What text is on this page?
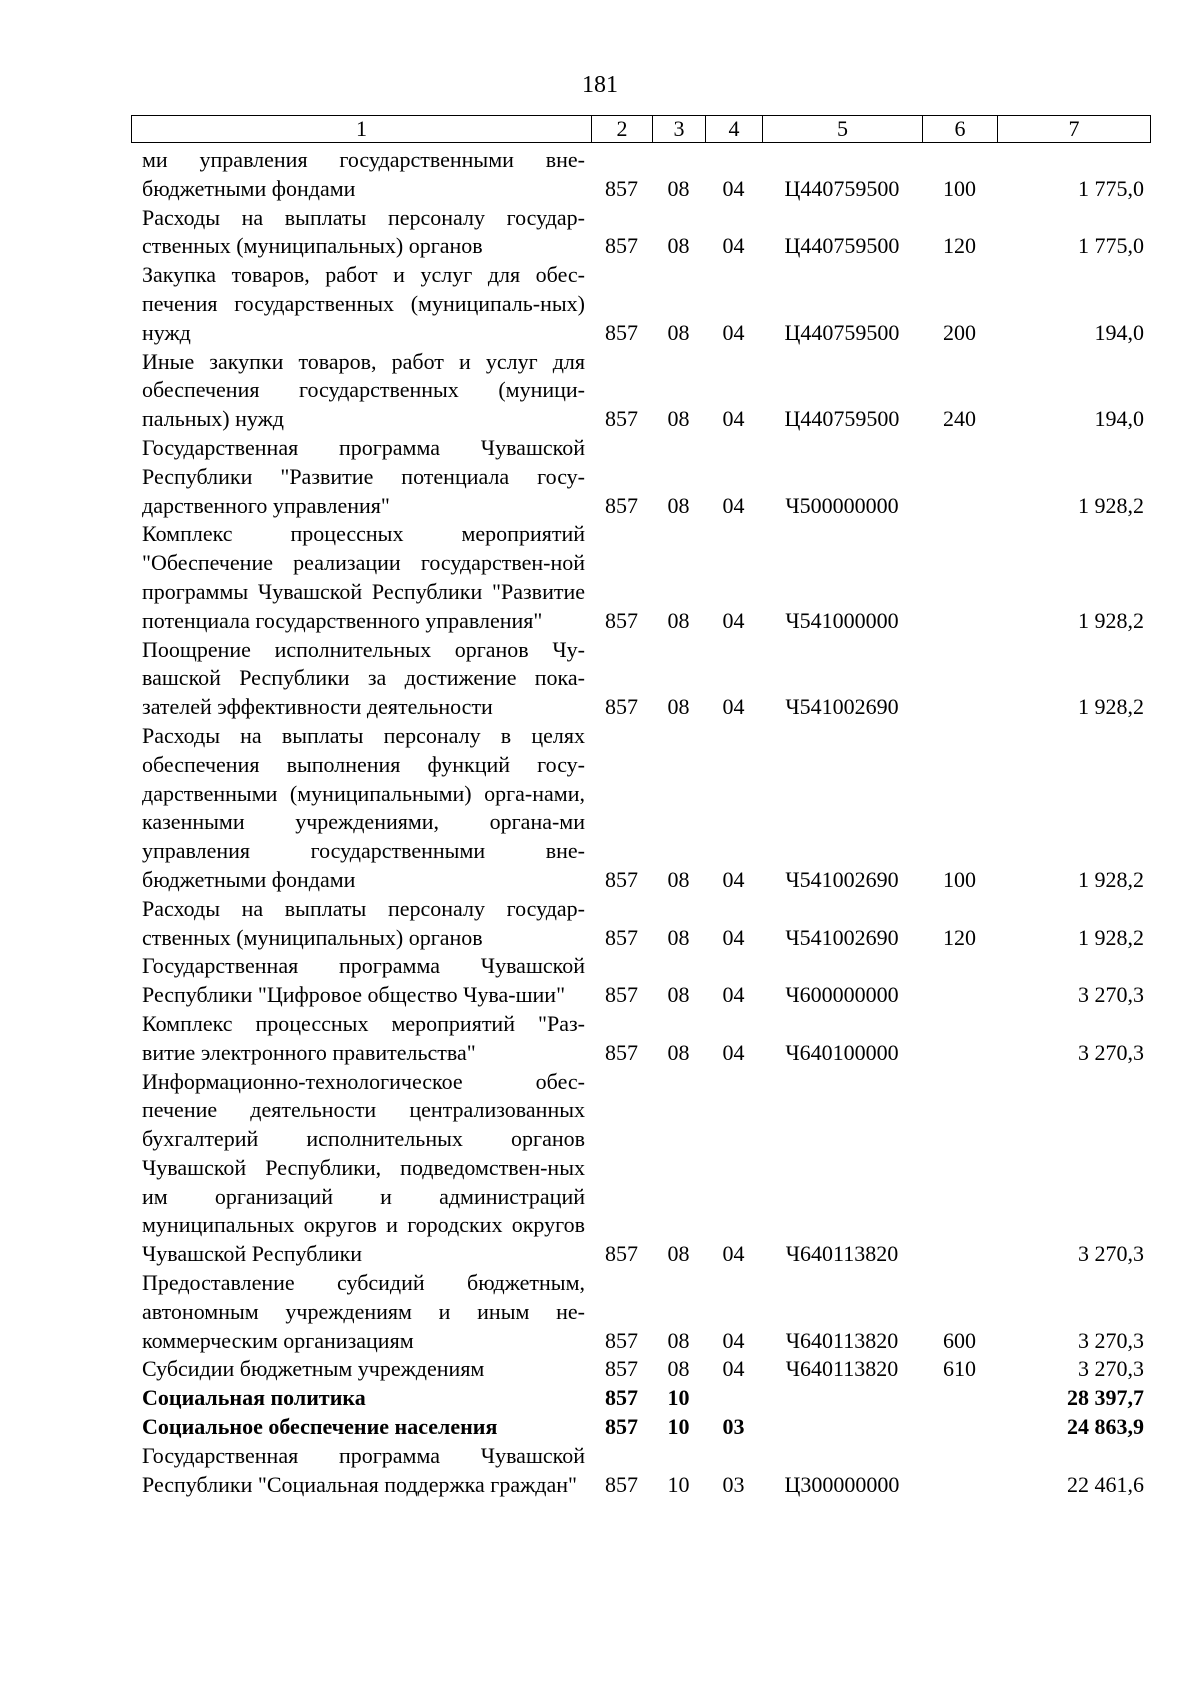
181
1	2	3	4	5	6	7
ми управления государственными вне-бюджетными фондами	857	08	04	Ц440759500	100	1 775,0
Расходы на выплаты персоналу государ-ственных (муниципальных) органов	857	08	04	Ц440759500	120	1 775,0
Закупка товаров, работ и услуг для обес-печения государственных (муниципаль-ных) нужд	857	08	04	Ц440759500	200	194,0
Иные закупки товаров, работ и услуг для обеспечения государственных (муници-пальных) нужд	857	08	04	Ц440759500	240	194,0
Государственная программа Чувашской Республики "Развитие потенциала госу-дарственного управления"	857	08	04	Ч500000000		1 928,2
Комплекс процессных мероприятий "Обеспечение реализации государствен-ной программы Чувашской Республики "Развитие потенциала государственного управления"	857	08	04	Ч541000000		1 928,2
Поощрение исполнительных органов Чу-вашской Республики за достижение пока-зателей эффективности деятельности	857	08	04	Ч541002690		1 928,2
Расходы на выплаты персоналу в целях обеспечения выполнения функций госу-дарственными (муниципальными) орга-нами, казенными учреждениями, органа-ми управления государственными вне-бюджетными фондами	857	08	04	Ч541002690	100	1 928,2
Расходы на выплаты персоналу государ-ственных (муниципальных) органов	857	08	04	Ч541002690	120	1 928,2
Государственная программа Чувашской Республики "Цифровое общество Чува-шии"	857	08	04	Ч600000000		3 270,3
Комплекс процессных мероприятий "Раз-витие электронного правительства"	857	08	04	Ч640100000		3 270,3
Информационно-технологическое обес-печение деятельности централизованных бухгалтерий исполнительных органов Чувашской Республики, подведомствен-ных им организаций и администраций муниципальных округов и городских округов Чувашской Республики	857	08	04	Ч640113820		3 270,3
Предоставление субсидий бюджетным, автономным учреждениям и иным не-коммерческим организациям	857	08	04	Ч640113820	600	3 270,3
Субсидии бюджетным учреждениям	857	08	04	Ч640113820	610	3 270,3
Социальная политика	857	10				28 397,7
Социальное обеспечение населения	857	10	03			24 863,9
Государственная программа Чувашской Республики "Социальная поддержка граждан"	857	10	03	Ц300000000		22 461,6
